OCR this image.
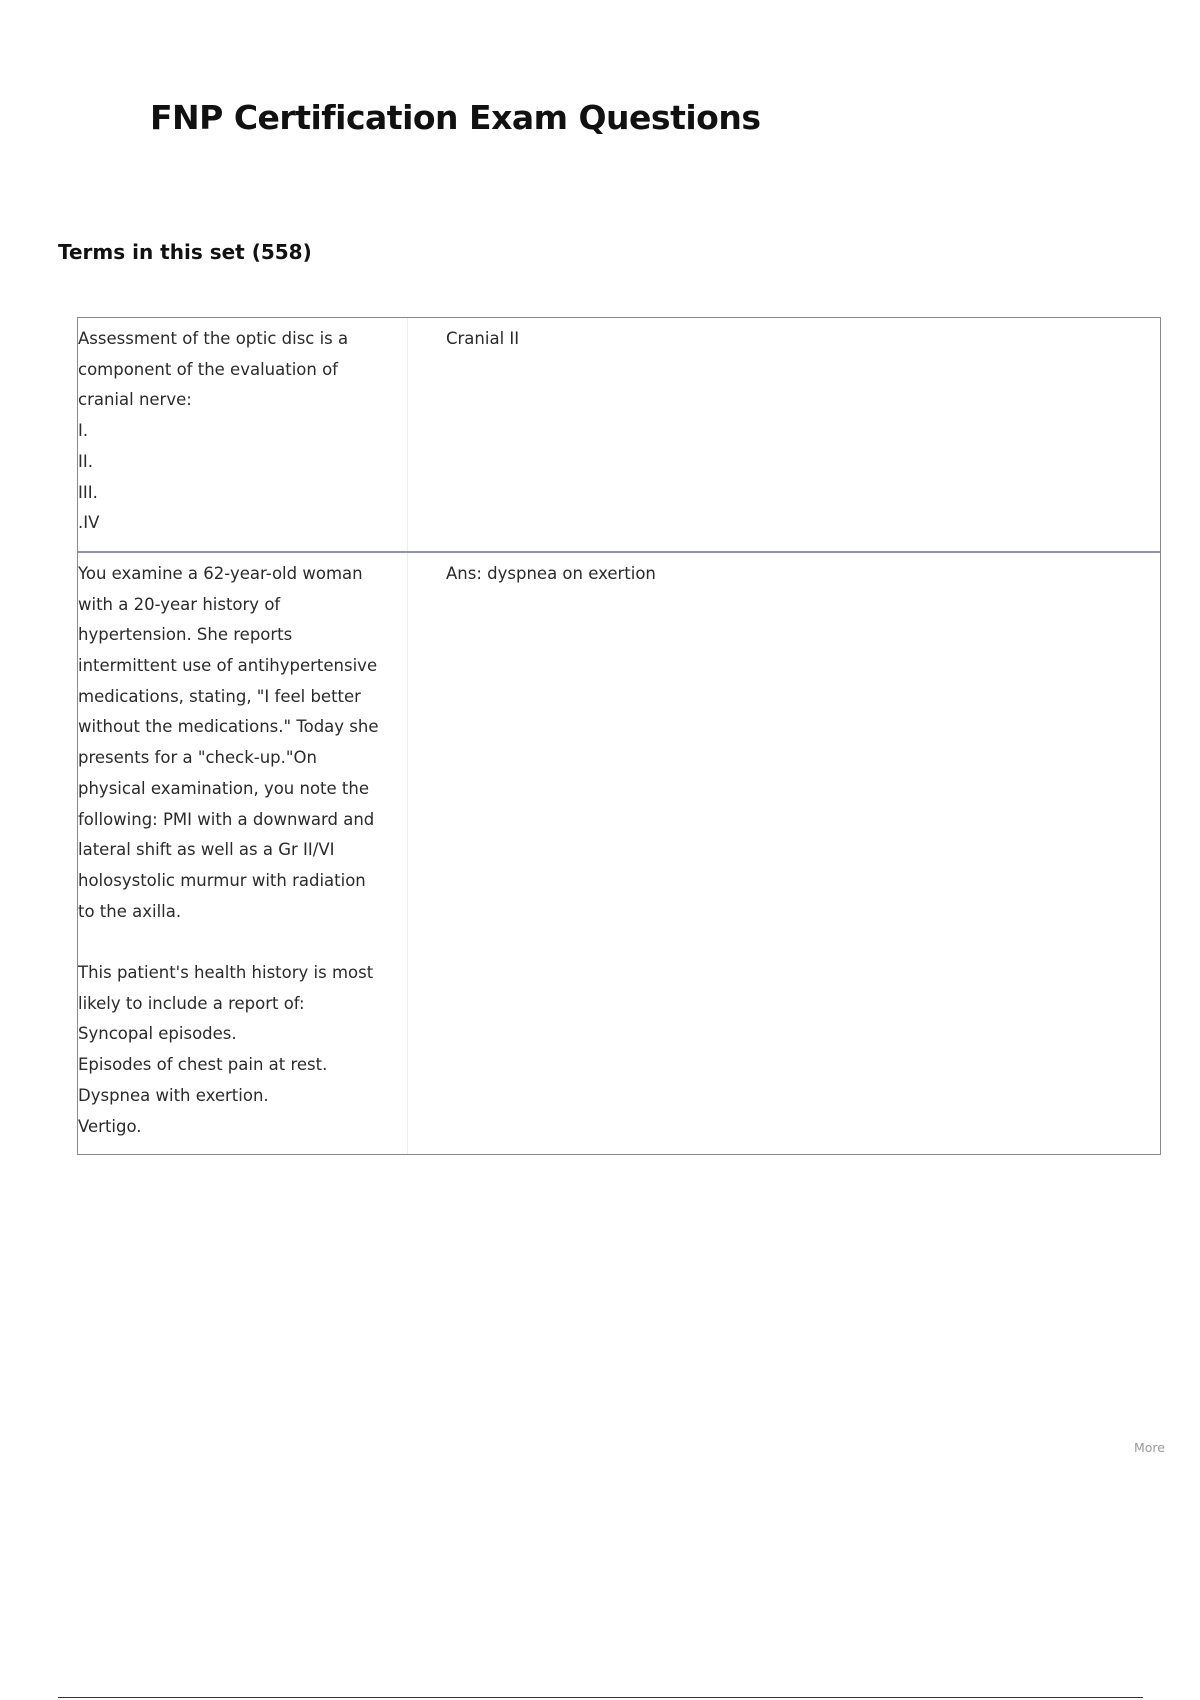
FNP Certification Exam Questions
Terms in this set (558)
Assessment of the optic disc is a
component of the evaluation of
cranial nerve:
I.
II.
III.
.IV
Cranial II
You examine a 62-year-old woman
with a 20-year history of
hypertension. She reports
intermittent use of antihypertensive
medications, stating, "I feel better
without the medications." Today she
presents for a "check-up."On
physical examination, you note the
following: PMI with a downward and
lateral shift as well as a Gr II/VI
holosystolic murmur with radiation
to the axilla.

This patient's health history is most
likely to include a report of:
Syncopal episodes.
Episodes of chest pain at rest.
Dyspnea with exertion.
Vertigo.
Ans: dyspnea on exertion
More
